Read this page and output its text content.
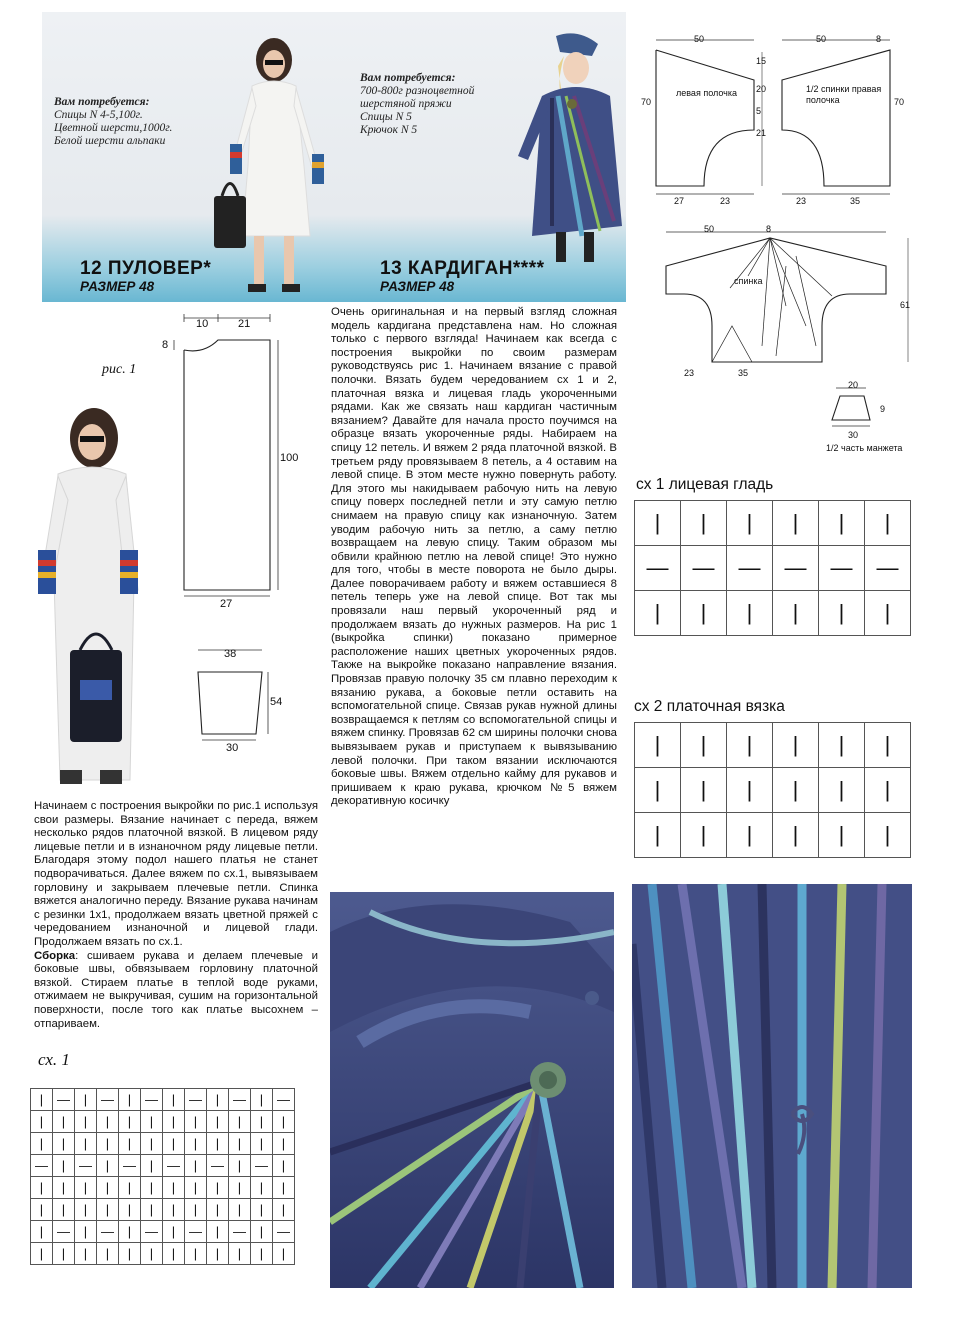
Вам потребуется:
Спицы N 4-5,100г.
Цветной шерсти,1000г.
Белой шерсти альпаки
Вам потребуется:
700-800г разноцветной
шерстяной пряжи
Спицы N 5
Крючок N 5
12 ПУЛОВЕР*
РАЗМЕР 48
13 КАРДИГАН****
РАЗМЕР 48
10	21
8
100
27
рис. 1
38
54
30
Начинаем с построения выкройки по рис.1 используя свои размеры. Вязание начинает с переда, вяжем несколько рядов платочной вязкой. В лицевом ряду лицевые петли и в изнаночном ряду лицевые петли. Благодаря этому подол нашего платья не станет подворачиваться. Далее вяжем по сх.1, вывязываем горловину и закрываем плечевые петли. Спинка вяжется аналогично переду. Вязание рукава начинам с резинки 1х1, продолжаем вязать цветной пряжей с чередованием изнаночной и лицевой глади. Продолжаем вязать по сх.1.
Сборка: сшиваем рукава и делаем плечевые и боковые швы, обвязываем горловину платочной вязкой. Стираем платье в теплой воде руками, отжимаем не выкручивая, сушим на горизонтальной поверхности, после того как платье высохнем – отпариваем.
сх. 1
|	—	|	—	|	—	|	—	|	—	|	—
|	|	|	|	|	|	|	|	|	|	|	|
|	|	|	|	|	|	|	|	|	|	|	|
—	|	—	|	—	|	—	|	—	|	—	|
|	|	|	|	|	|	|	|	|	|	|	|
|	|	|	|	|	|	|	|	|	|	|	|
|	—	|	—	|	—	|	—	|	—	|	—
|	|	|	|	|	|	|	|	|	|	|	|
Очень оригинальная и на первый взгляд сложная модель кардигана представлена нам. Но сложная только с первого взгляда! Начинаем как всегда с построения выкройки по своим размерам руководствуясь рис 1. Начинаем вязание с правой полочки. Вязать будем чередованием сх 1 и 2, платочная вязка и лицевая гладь укороченными рядами. Как же связать наш кардиган частичным вязанием? Давайте для начала просто поучимся на образце вязать укороченные ряды. Набираем на спицу 12 петель. И вяжем 2 ряда платочной вязкой. В третьем ряду провязываем 8 петель, а 4 оставим на левой спице. В этом месте нужно повернуть работу. Для этого мы накидываем рабочую нить на левую спицу поверх последней петли и эту самую петлю снимаем на правую спицу как изнаночную. Затем уводим рабочую нить за петлю, а саму петлю возвращаем на левую спицу. Таким образом мы обвили крайнюю петлю на левой спице! Это нужно для того, чтобы в месте поворота не было дыры. Далее поворачиваем работу и вяжем оставшиеся 8 петель теперь уже на левой спице. Вот так мы провязали наш первый укороченный ряд и продолжаем вязать до нужных размеров. На рис 1 (выкройка спинки) показано примерное расположение наших цветных укороченных рядов. Также на выкройке показано направление вязания. Провязав правую полочку 35 см плавно переходим к вязанию рукава, а боковые петли оставить на вспомогательной спице. Связав рукав нужной длины возвращаемся к петлям со вспомогательной спицы и вяжем спинку. Провязав 62 см ширины полочки снова вывязываем рукав и приступаем к вывязыванию левой полочки. При таком вязании исключаются боковые швы. Вяжем отдельно кайму для рукавов и пришиваем к краю рукава, крючком №5 вяжем декоративную косичку
50
70
15
20
5
21
левая полочка
27	23
50	8
70
1/2 спинки правая полочка
23	35
50	8
61
спинка
23	35
20
9
30
1/2 часть манжета
сх 1 лицевая гладь
|	|	|	|	|	|
—	—	—	—	—	—
|	|	|	|	|	|
сх 2 платочная вязка
|	|	|	|	|	|
|	|	|	|	|	|
|	|	|	|	|	|
